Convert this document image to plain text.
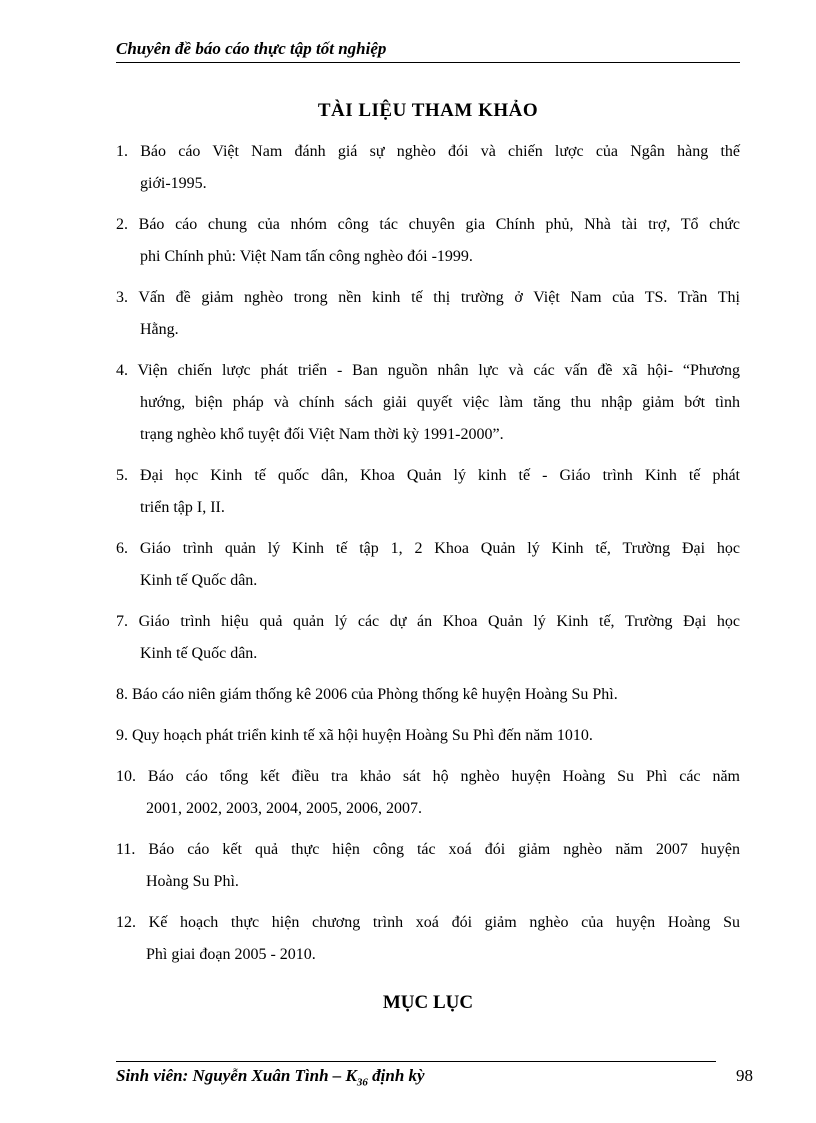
Chuyên đề báo cáo thực tập tốt nghiệp
TÀI LIỆU THAM KHẢO
1. Báo cáo Việt Nam đánh giá sự nghèo đói và chiến lược của Ngân hàng thế
giới-1995.
2. Báo cáo chung của nhóm công tác chuyên gia Chính phủ, Nhà tài trợ, Tổ chức
phi Chính phủ: Việt Nam tấn công nghèo đói -1999.
3. Vấn đề giảm nghèo trong nền kinh tế thị trường ở Việt Nam của TS. Trần Thị
Hằng.
4. Viện chiến lược phát triển - Ban nguồn nhân lực và các vấn đề xã hội- “Phương
hướng, biện pháp và chính sách giải quyết việc làm tăng thu nhập giảm bớt tình
trạng nghèo khổ tuyệt đối Việt Nam thời kỳ 1991-2000”.
5. Đại học Kinh tế quốc dân, Khoa Quản lý kinh tế - Giáo trình Kinh tế phát
triển tập I, II.
6. Giáo trình quản lý Kinh tế tập 1, 2 Khoa Quản lý Kinh tế, Trường Đại học
Kinh tế Quốc dân.
7. Giáo trình hiệu quả quản lý các dự án Khoa Quản lý Kinh tế, Trường Đại học
Kinh tế Quốc dân.
8. Báo cáo niên giám thống kê 2006 của Phòng thống kê huyện Hoàng Su Phì.
9. Quy hoạch phát triển kinh tế xã hội huyện Hoàng Su Phì đến năm 1010.
10. Báo cáo tổng kết điều tra khảo sát hộ nghèo huyện Hoàng Su Phì các năm
2001, 2002, 2003, 2004, 2005, 2006, 2007.
11. Báo cáo kết quả thực hiện công tác xoá đói giảm nghèo năm 2007 huyện
Hoàng Su Phì.
12. Kế hoạch thực hiện chương trình xoá đói giảm nghèo của huyện Hoàng Su
Phì giai đoạn 2005 - 2010.
MỤC LỤC
Sinh viên: Nguyễn Xuân Tình – $K_{36}$ định kỳ	98
